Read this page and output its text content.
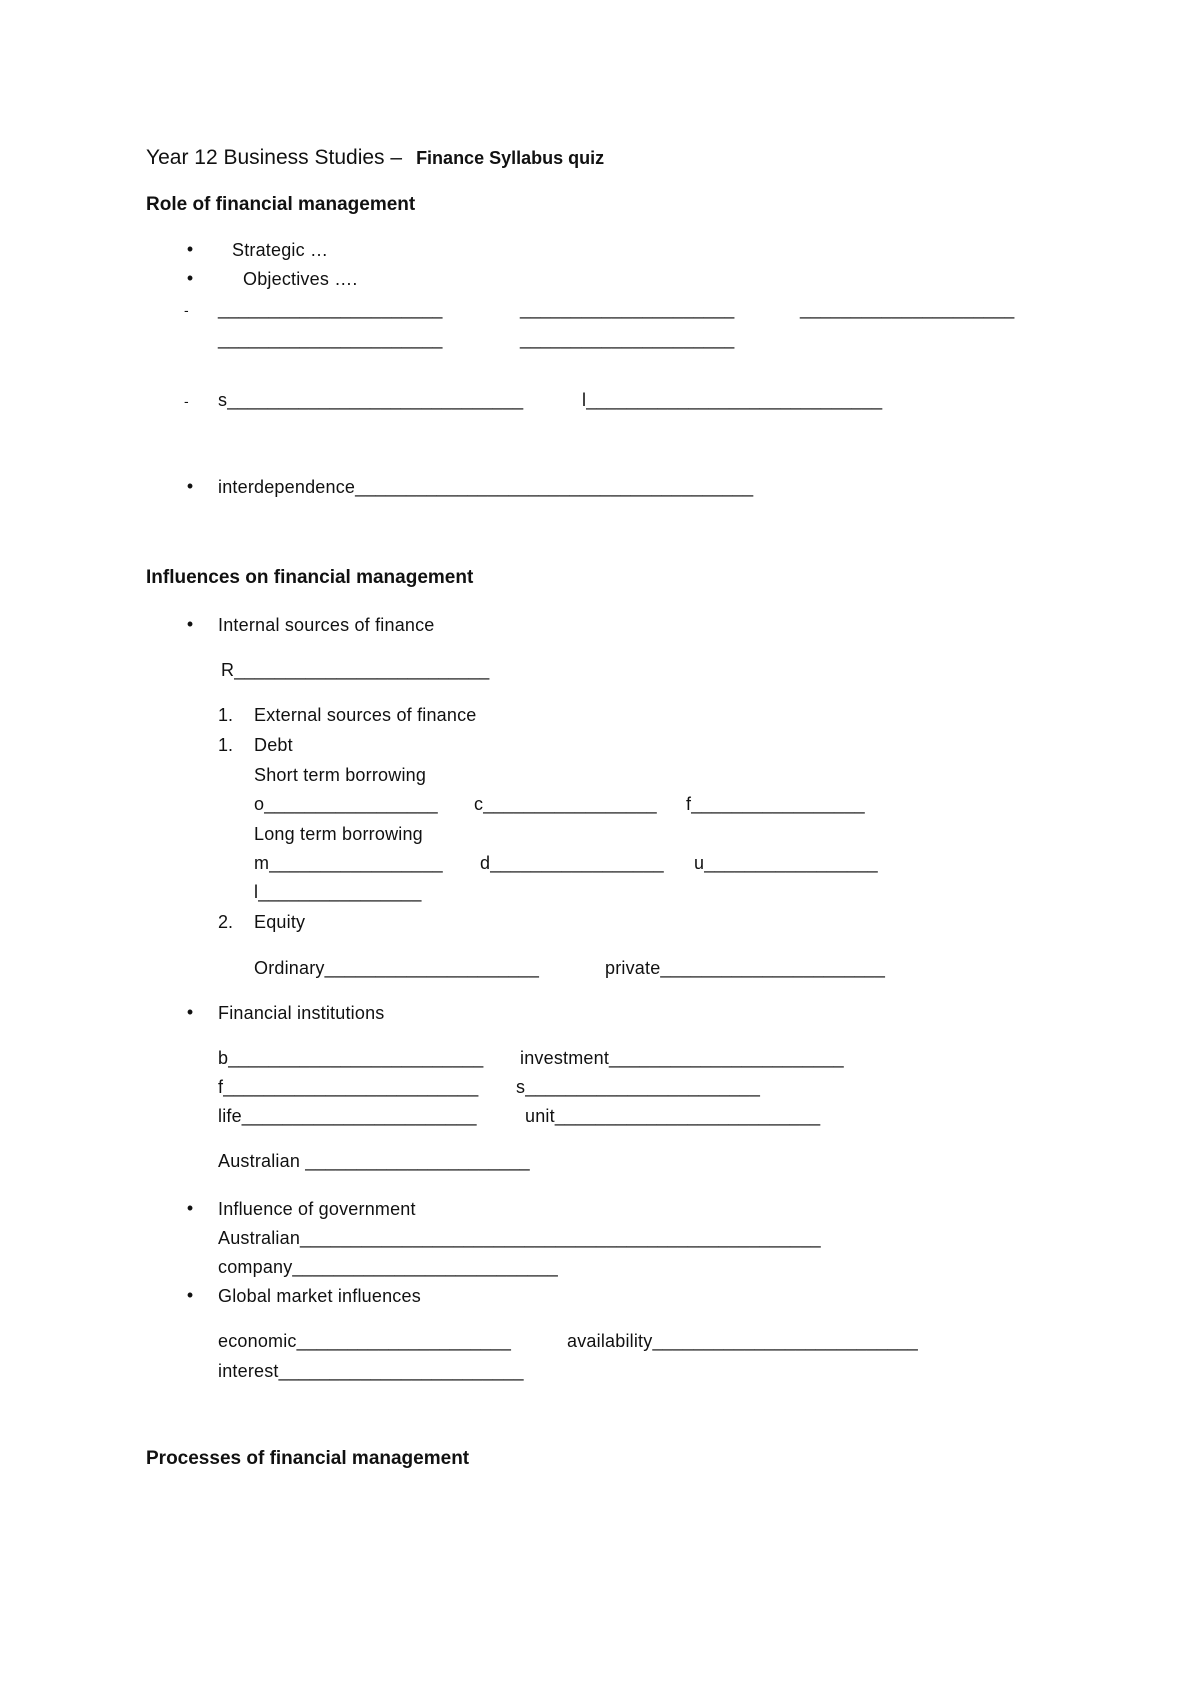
Year 12 Business Studies – Finance Syllabus quiz
Role of financial management
• Strategic …
•	Objectives ….
- ______________________	_____________________	_____________________
______________________	_____________________
- s_____________________________	l_____________________________
• interdependence_______________________________________
Influences on financial management
• Internal sources of finance
R_________________________
1. External sources of finance
1. Debt
Short term borrowing
o_________________ c_________________ f_________________
Long term borrowing
m_________________ d_________________ u_________________
l________________
2. Equity
Ordinary_____________________	private______________________
• Financial institutions
b_________________________ investment_______________________
f_________________________ s_______________________
life_______________________	unit__________________________
Australian ______________________
• Influence of government
Australian___________________________________________________
company__________________________
• Global market influences
economic_____________________	availability__________________________
interest________________________
Processes of financial management
